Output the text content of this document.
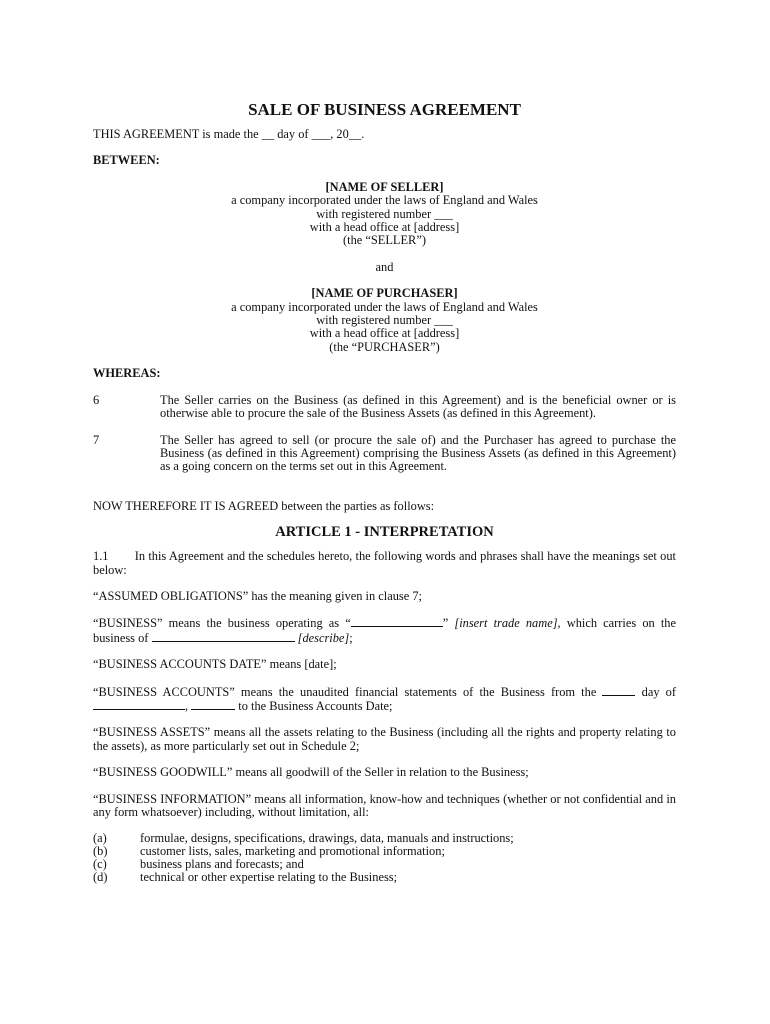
SALE OF BUSINESS AGREEMENT

THIS AGREEMENT is made the __ day of ___, 20__.

BETWEEN:

[NAME OF SELLER]
a company incorporated under the laws of England and Wales
with registered number ___
with a head office at [address]
(the “SELLER”)

and

[NAME OF PURCHASER]
a company incorporated under the laws of England and Wales
with registered number ___
with a head office at [address]
(the “PURCHASER”)

WHEREAS:

6	The Seller carries on the Business (as defined in this Agreement) and is the beneficial owner or is otherwise able to procure the sale of the Business Assets (as defined in this Agreement).
7	The Seller has agreed to sell (or procure the sale of) and the Purchaser has agreed to purchase the Business (as defined in this Agreement) comprising the Business Assets (as defined in this Agreement) as a going concern on the terms set out in this Agreement.

NOW THEREFORE IT IS AGREED between the parties as follows:

ARTICLE 1 - INTERPRETATION

1.1        In this Agreement and the schedules hereto, the following words and phrases shall have the meanings set out below:

“ASSUMED OBLIGATIONS” has the meaning given in clause 7;

“BUSINESS” means the business operating as “	” [insert trade name], which carries on the business of	[describe];

“BUSINESS ACCOUNTS DATE” means [date];

“BUSINESS ACCOUNTS” means the unaudited financial statements of the Business from the	day of ,	to the Business Accounts Date;

“BUSINESS ASSETS” means all the assets relating to the Business (including all the rights and property relating to the assets), as more particularly set out in Schedule 2;

“BUSINESS GOODWILL” means all goodwill of the Seller in relation to the Business;

“BUSINESS INFORMATION” means all information, know-how and techniques (whether or not confidential and in any form whatsoever) including, without limitation, all:

(a)	formulae, designs, specifications, drawings, data, manuals and instructions;
(b)	customer lists, sales, marketing and promotional information;
(c)	business plans and forecasts; and
(d)	technical or other expertise relating to the Business;
